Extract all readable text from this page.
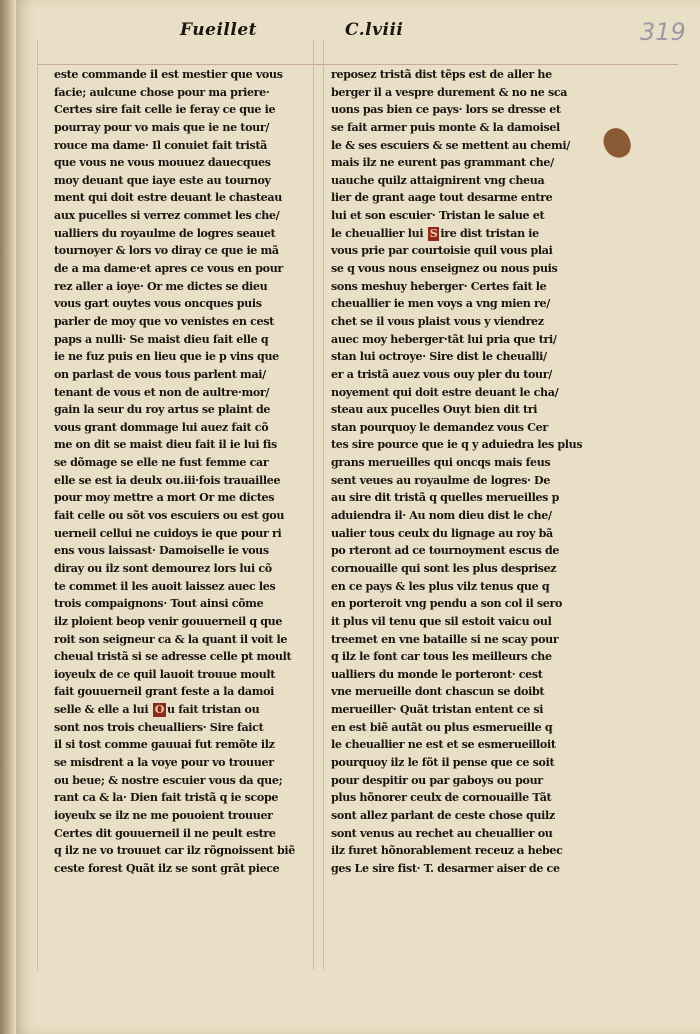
Fueillet	C.lviii	319
este commande il est mestier que vous
facie; aulcune chose pour ma priere·
Certes sire fait celle ie feray ce que ie
pourray pour vo mais que ie ne tour/
rouce ma dame· Il conuiet fait tristã
que vous ne vous mouuez dauecques
moy deuant que iaye este au tournoy
ment qui doit estre deuant le chasteau
aux pucelles si verrez commet les che/
ualliers du royaulme de logres seauet
tournoyer & lors vo diray ce que ie mã
de a ma dame·et apres ce vous en pour
rez aller a ioye· Or me dictes se dieu
vous gart ouytes vous oncques puis
parler de moy que vo venistes en cest
paps a nulli· Se maist dieu fait elle q
ie ne fuz puis en lieu que ie p vins que
on parlast de vous tous parlent mai/
tenant de vous et non de aultre·mor/
gain la seur du roy artus se plaint de
vous grant dommage lui auez fait cõ
me on dit se maist dieu fait il ie lui fis
se dõmage se elle ne fust femme car
elle se est ia deulx ou.iii·fois trauaillee
pour moy mettre a mort Or me dictes
fait celle ou sõt vos escuiers ou est gou
uerneil cellui ne cuidoys ie que pour ri
ens vous laissast· Damoiselle ie vous
diray ou ilz sont demourez lors lui cõ
te commet il les auoit laissez auec les
trois compaignons· Tout ainsi cõme
ilz ploient beop venir gouuerneil q que
roit son seigneur ca & la quant il voit le
cheual tristã si se adresse celle pt moult
ioyeulx de ce quil lauoit trouue moult
fait gouuerneil grant feste a la damoi
selle & elle a lui O u fait tristan ou
sont nos trois cheualliers· Sire faict
il si tost comme gauuai fut remõte ilz
se misdrent a la voye pour vo trouuer
ou beue; & nostre escuier vous da que;
rant ca & la· Dien fait tristã q ie scope
ioyeulx se ilz ne me pouoient trouuer
Certes dit gouuerneil il ne peult estre
q ilz ne vo trouuet car ilz rõgnoissent biẽ
ceste forest Quãt ilz se sont grãt piece
reposez tristã dist tẽps est de aller he
berger il a vespre durement & no ne sca
uons pas bien ce pays· lors se dresse et
se fait armer puis monte & la damoisel
le & ses escuiers & se mettent au chemi/
mais ilz ne eurent pas grammant che/
uauche quilz attaignirent vng cheua
lier de grant aage tout desarme entre
lui et son escuier· Tristan le salue et
le cheuallier lui S ire dist tristan ie
vous prie par courtoisie quil vous plai
se q vous nous enseignez ou nous puis
sons meshuy heberger· Certes fait le
cheuallier ie men voys a vng mien re/
chet se il vous plaist vous y viendrez
auec moy heberger·tãt lui pria que tri/
stan lui octroye· Sire dist le cheualli/
er a tristã auez vous ouy pler du tour/
noyement qui doit estre deuant le cha/
steau aux pucelles Ouyt bien dit tri
stan pourquoy le demandez vous Cer
tes sire pource que ie q y aduiedra les plus
grans merueilles qui oncqs mais feus
sent veues au royaulme de logres· De
au sire dit tristã q quelles merueilles p
aduiendra il· Au nom dieu dist le che/
ualier tous ceulx du lignage au roy bã
po rteront ad ce tournoyment escus de
cornouaille qui sont les plus desprisez
en ce pays & les plus vilz tenus que q
en porteroit vng pendu a son col il sero
it plus vil tenu que sil estoit vaicu oul
treemet en vne bataille si ne scay pour
q ilz le font car tous les meilleurs che
ualliers du monde le porteront· cest
vne merueille dont chascun se doibt
merueiller· Quãt tristan entent ce si
en est biẽ autãt ou plus esmerueille q
le cheuallier ne est et se esmerueilloit
pourquoy ilz le fõt il pense que ce soit
pour despitir ou par gaboys ou pour
plus hõnorer ceulx de cornouaille Tãt
sont allez parlant de ceste chose quilz
sont venus au rechet au cheuallier ou
ilz furet hõnorablement receuz a hebec
ges Le sire fist· T. desarmer aiser de ce
